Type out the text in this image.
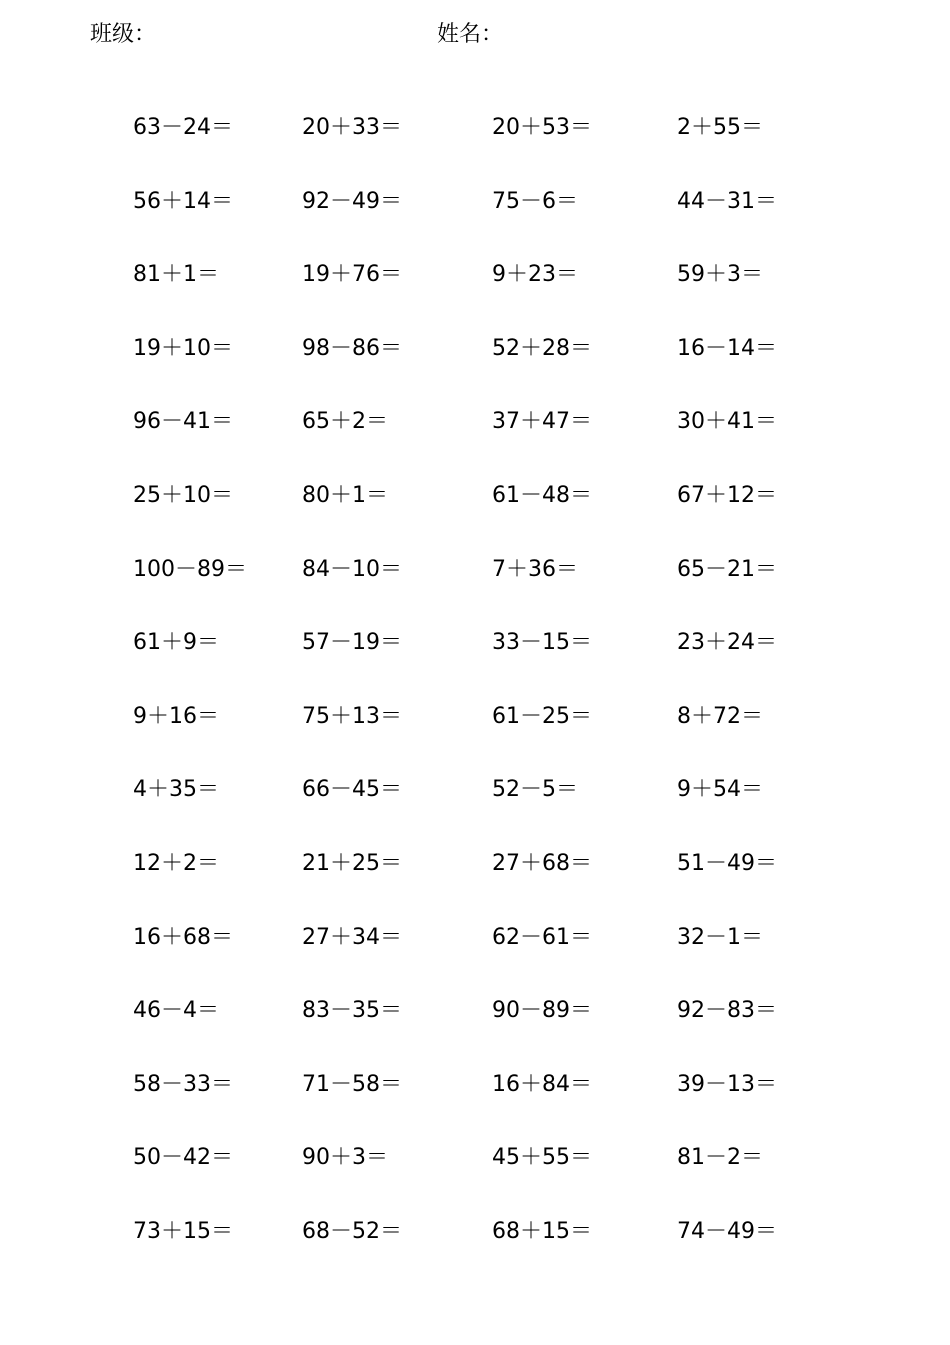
班级：	姓名：
63－24＝	20＋33＝	20＋53＝	2＋55＝
56＋14＝	92－49＝	75－6＝	44－31＝
81＋1＝	19＋76＝	9＋23＝	59＋3＝
19＋10＝	98－86＝	52＋28＝	16－14＝
96－41＝	65＋2＝	37＋47＝	30＋41＝
25＋10＝	80＋1＝	61－48＝	67＋12＝
100－89＝	84－10＝	7＋36＝	65－21＝
61＋9＝	57－19＝	33－15＝	23＋24＝
9＋16＝	75＋13＝	61－25＝	8＋72＝
4＋35＝	66－45＝	52－5＝	9＋54＝
12＋2＝	21＋25＝	27＋68＝	51－49＝
16＋68＝	27＋34＝	62－61＝	32－1＝
46－4＝	83－35＝	90－89＝	92－83＝
58－33＝	71－58＝	16＋84＝	39－13＝
50－42＝	90＋3＝	45＋55＝	81－2＝
73＋15＝	68－52＝	68＋15＝	74－49＝
